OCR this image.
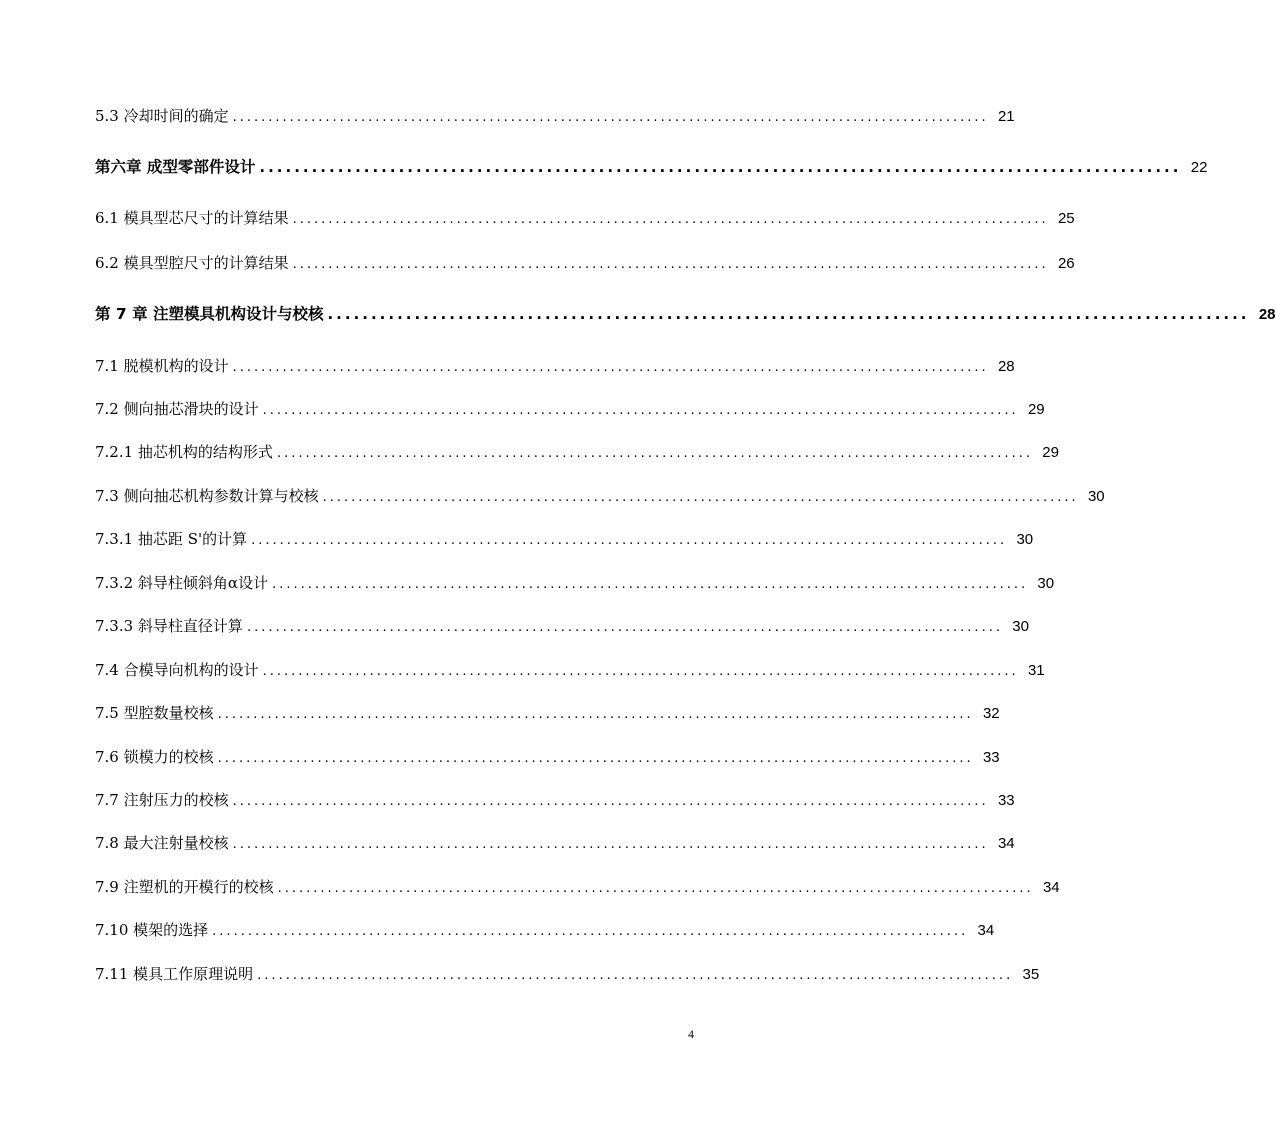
5.3 冷却时间的确定 .......................................................................................................... 21
第六章 成型零部件设计 .......................................................................................................... 22
6.1 模具型芯尺寸的计算结果 .......................................................................................................... 25
6.2 模具型腔尺寸的计算结果 .......................................................................................................... 26
第 7 章 注塑模具机构设计与校核 .......................................................................................................... 28
7.1 脱模机构的设计 .......................................................................................................... 28
7.2 侧向抽芯滑块的设计 .......................................................................................................... 29
7.2.1 抽芯机构的结构形式 .......................................................................................................... 29
7.3 侧向抽芯机构参数计算与校核 .......................................................................................................... 30
7.3.1 抽芯距 S'的计算 .......................................................................................................... 30
7.3.2 斜导柱倾斜角α设计 .......................................................................................................... 30
7.3.3 斜导柱直径计算 .......................................................................................................... 30
7.4 合模导向机构的设计 .......................................................................................................... 31
7.5 型腔数量校核 .......................................................................................................... 32
7.6 锁模力的校核 .......................................................................................................... 33
7.7 注射压力的校核 .......................................................................................................... 33
7.8 最大注射量校核 .......................................................................................................... 34
7.9 注塑机的开模行的校核 .......................................................................................................... 34
7.10 模架的选择 .......................................................................................................... 34
7.11 模具工作原理说明 .......................................................................................................... 35
4
